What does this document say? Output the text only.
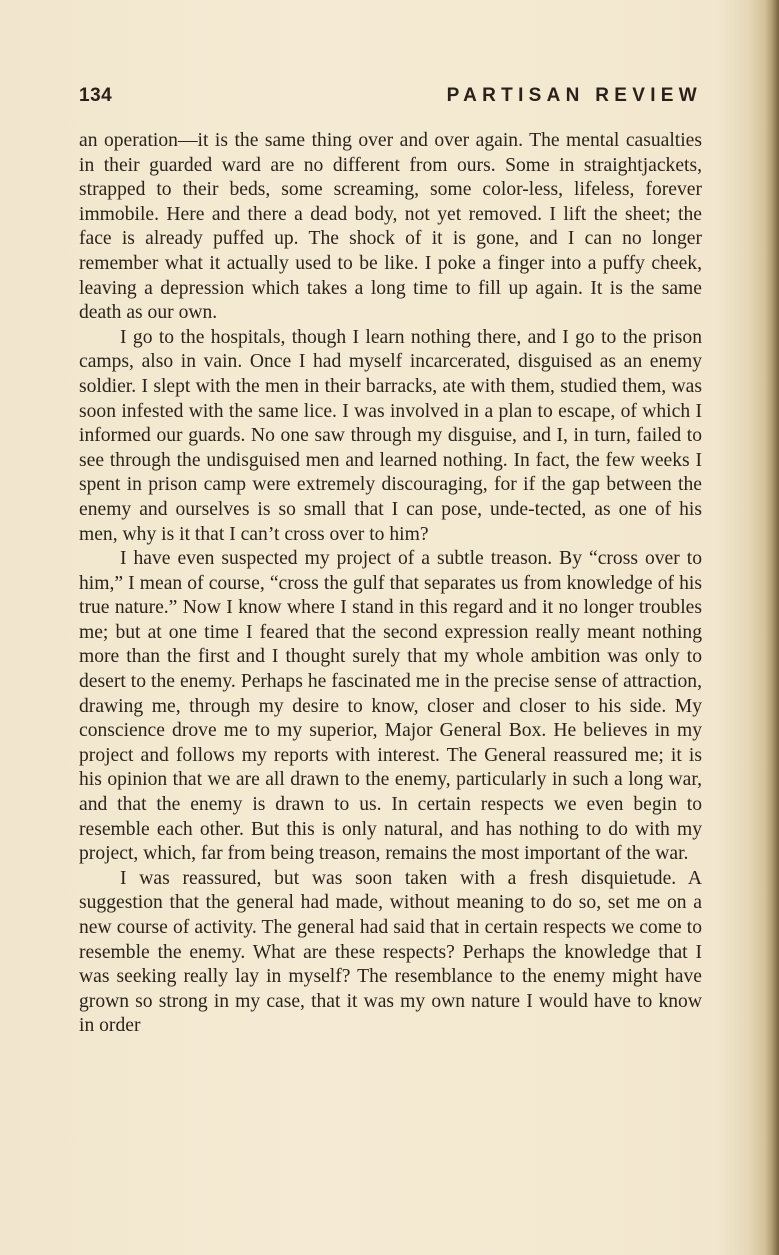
134	PARTISAN REVIEW

an operation—it is the same thing over and over again. The mental casualties in their guarded ward are no different from ours. Some in straightjackets, strapped to their beds, some screaming, some color-less, lifeless, forever immobile. Here and there a dead body, not yet removed. I lift the sheet; the face is already puffed up. The shock of it is gone, and I can no longer remember what it actually used to be like. I poke a finger into a puffy cheek, leaving a depression which takes a long time to fill up again. It is the same death as our own.

I go to the hospitals, though I learn nothing there, and I go to the prison camps, also in vain. Once I had myself incarcerated, disguised as an enemy soldier. I slept with the men in their barracks, ate with them, studied them, was soon infested with the same lice. I was involved in a plan to escape, of which I informed our guards. No one saw through my disguise, and I, in turn, failed to see through the undisguised men and learned nothing. In fact, the few weeks I spent in prison camp were extremely discouraging, for if the gap between the enemy and ourselves is so small that I can pose, unde-tected, as one of his men, why is it that I can’t cross over to him?

I have even suspected my project of a subtle treason. By “cross over to him,” I mean of course, “cross the gulf that separates us from knowledge of his true nature.” Now I know where I stand in this regard and it no longer troubles me; but at one time I feared that the second expression really meant nothing more than the first and I thought surely that my whole ambition was only to desert to the enemy. Perhaps he fascinated me in the precise sense of attraction, drawing me, through my desire to know, closer and closer to his side. My conscience drove me to my superior, Major General Box. He believes in my project and follows my reports with interest. The General reassured me; it is his opinion that we are all drawn to the enemy, particularly in such a long war, and that the enemy is drawn to us. In certain respects we even begin to resemble each other. But this is only natural, and has nothing to do with my project, which, far from being treason, remains the most important of the war.

I was reassured, but was soon taken with a fresh disquietude. A suggestion that the general had made, without meaning to do so, set me on a new course of activity. The general had said that in certain respects we come to resemble the enemy. What are these respects? Perhaps the knowledge that I was seeking really lay in myself? The resemblance to the enemy might have grown so strong in my case, that it was my own nature I would have to know in order
